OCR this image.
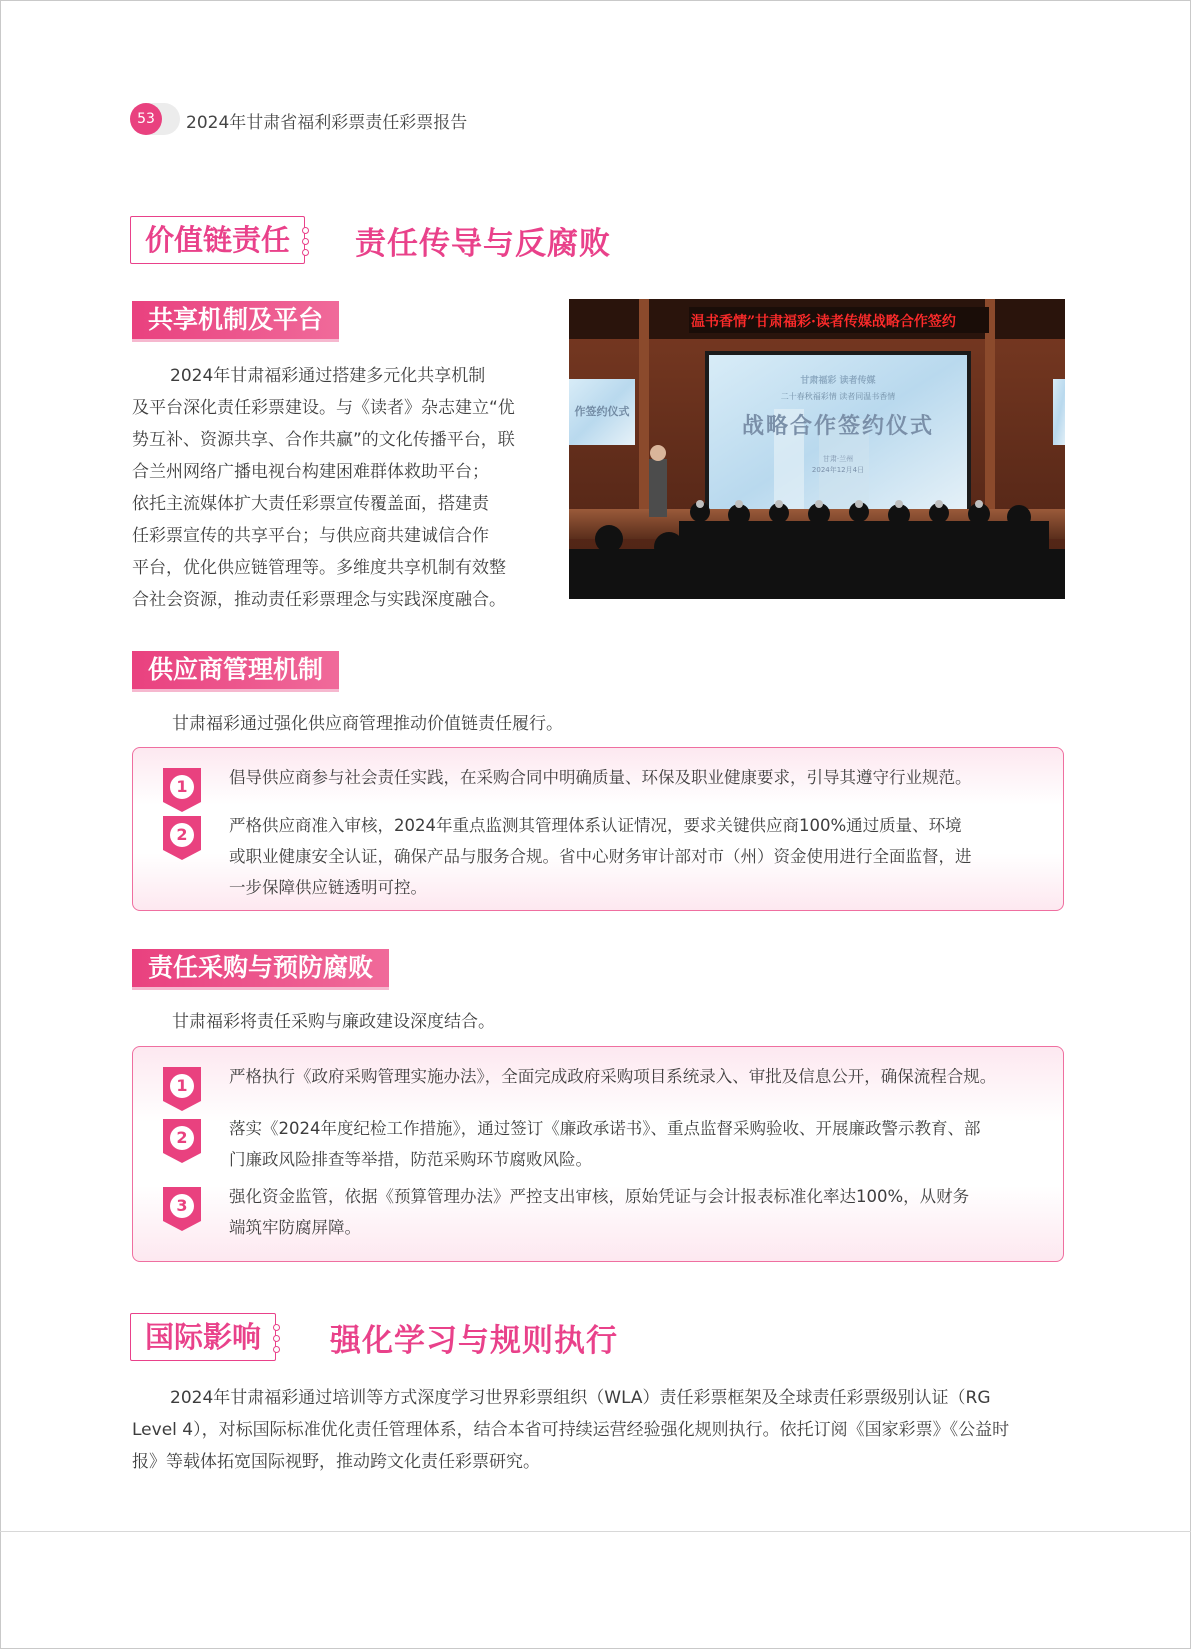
53	2024年甘肃省福利彩票责任彩票报告
价值链责任	责任传导与反腐败
共享机制及平台
2024年甘肃福彩通过搭建多元化共享机制
及平台深化责任彩票建设。与《读者》杂志建立“优
势互补、资源共享、合作共赢”的文化传播平台，联
合兰州网络广播电视台构建困难群体救助平台；
依托主流媒体扩大责任彩票宣传覆盖面，搭建责
任彩票宣传的共享平台；与供应商共建诚信合作
平台，优化供应链管理等。多维度共享机制有效整
合社会资源，推动责任彩票理念与实践深度融合。
温书香情”甘肃福彩·读者传媒战略合作签约
甘肃福彩 读者传媒
二十春秋福彩情 读者同温书香情
战略合作签约仪式
甘肃·兰州
2024年12月4日
作签约仪式
供应商管理机制
甘肃福彩通过强化供应商管理推动价值链责任履行。
1	倡导供应商参与社会责任实践，在采购合同中明确质量、环保及职业健康要求，引导其遵守行业规范。
2	严格供应商准入审核，2024年重点监测其管理体系认证情况，要求关键供应商100%通过质量、环境
或职业健康安全认证，确保产品与服务合规。省中心财务审计部对市（州）资金使用进行全面监督，进
一步保障供应链透明可控。
责任采购与预防腐败
甘肃福彩将责任采购与廉政建设深度结合。
1	严格执行《政府采购管理实施办法》，全面完成政府采购项目系统录入、审批及信息公开，确保流程合规。
2	落实《2024年度纪检工作措施》，通过签订《廉政承诺书》、重点监督采购验收、开展廉政警示教育、部
门廉政风险排查等举措，防范采购环节腐败风险。
3	强化资金监管，依据《预算管理办法》严控支出审核，原始凭证与会计报表标准化率达100%，从财务
端筑牢防腐屏障。
国际影响	强化学习与规则执行
2024年甘肃福彩通过培训等方式深度学习世界彩票组织（WLA）责任彩票框架及全球责任彩票级别认证（RG
Level 4），对标国际标准优化责任管理体系，结合本省可持续运营经验强化规则执行。依托订阅《国家彩票》《公益时
报》等载体拓宽国际视野，推动跨文化责任彩票研究。
